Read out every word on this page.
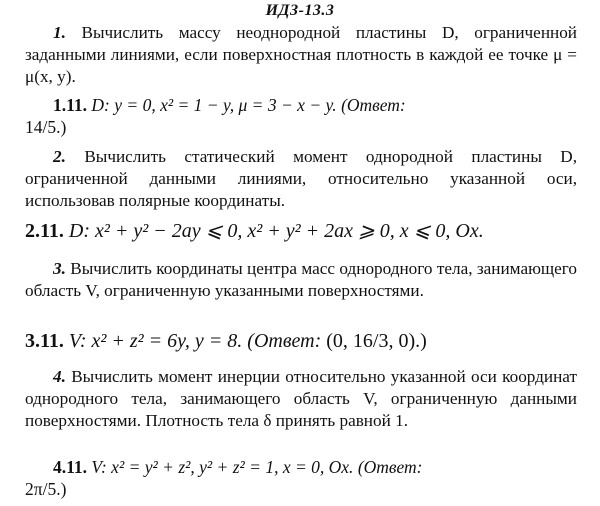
ИДЗ-13.3
1. Вычислить массу неоднородной пластины D, ограниченной заданными линиями, если поверхностная плотность в каждой ее точке μ = μ(x, y).
1.11. D: y = 0, x² = 1 − y, μ = 3 − x − y. (Ответ:
14/5.)
2. Вычислить статический момент однородной пластины D, ограниченной данными линиями, относительно указанной оси, использовав полярные координаты.
2.11. D: x² + y² − 2ay ⩽ 0, x² + y² + 2ax ⩾ 0, x ⩽ 0, Ox.
3. Вычислить координаты центра масс однородного тела, занимающего область V, ограниченную указанными поверхностями.
3.11. V: x² + z² = 6y, y = 8. (Ответ: (0, 16/3, 0).)
4. Вычислить момент инерции относительно указанной оси координат однородного тела, занимающего область V, ограниченную данными поверхностями. Плотность тела δ принять равной 1.
4.11. V: x² = y² + z², y² + z² = 1, x = 0, Ox. (Ответ:
2π/5.)
